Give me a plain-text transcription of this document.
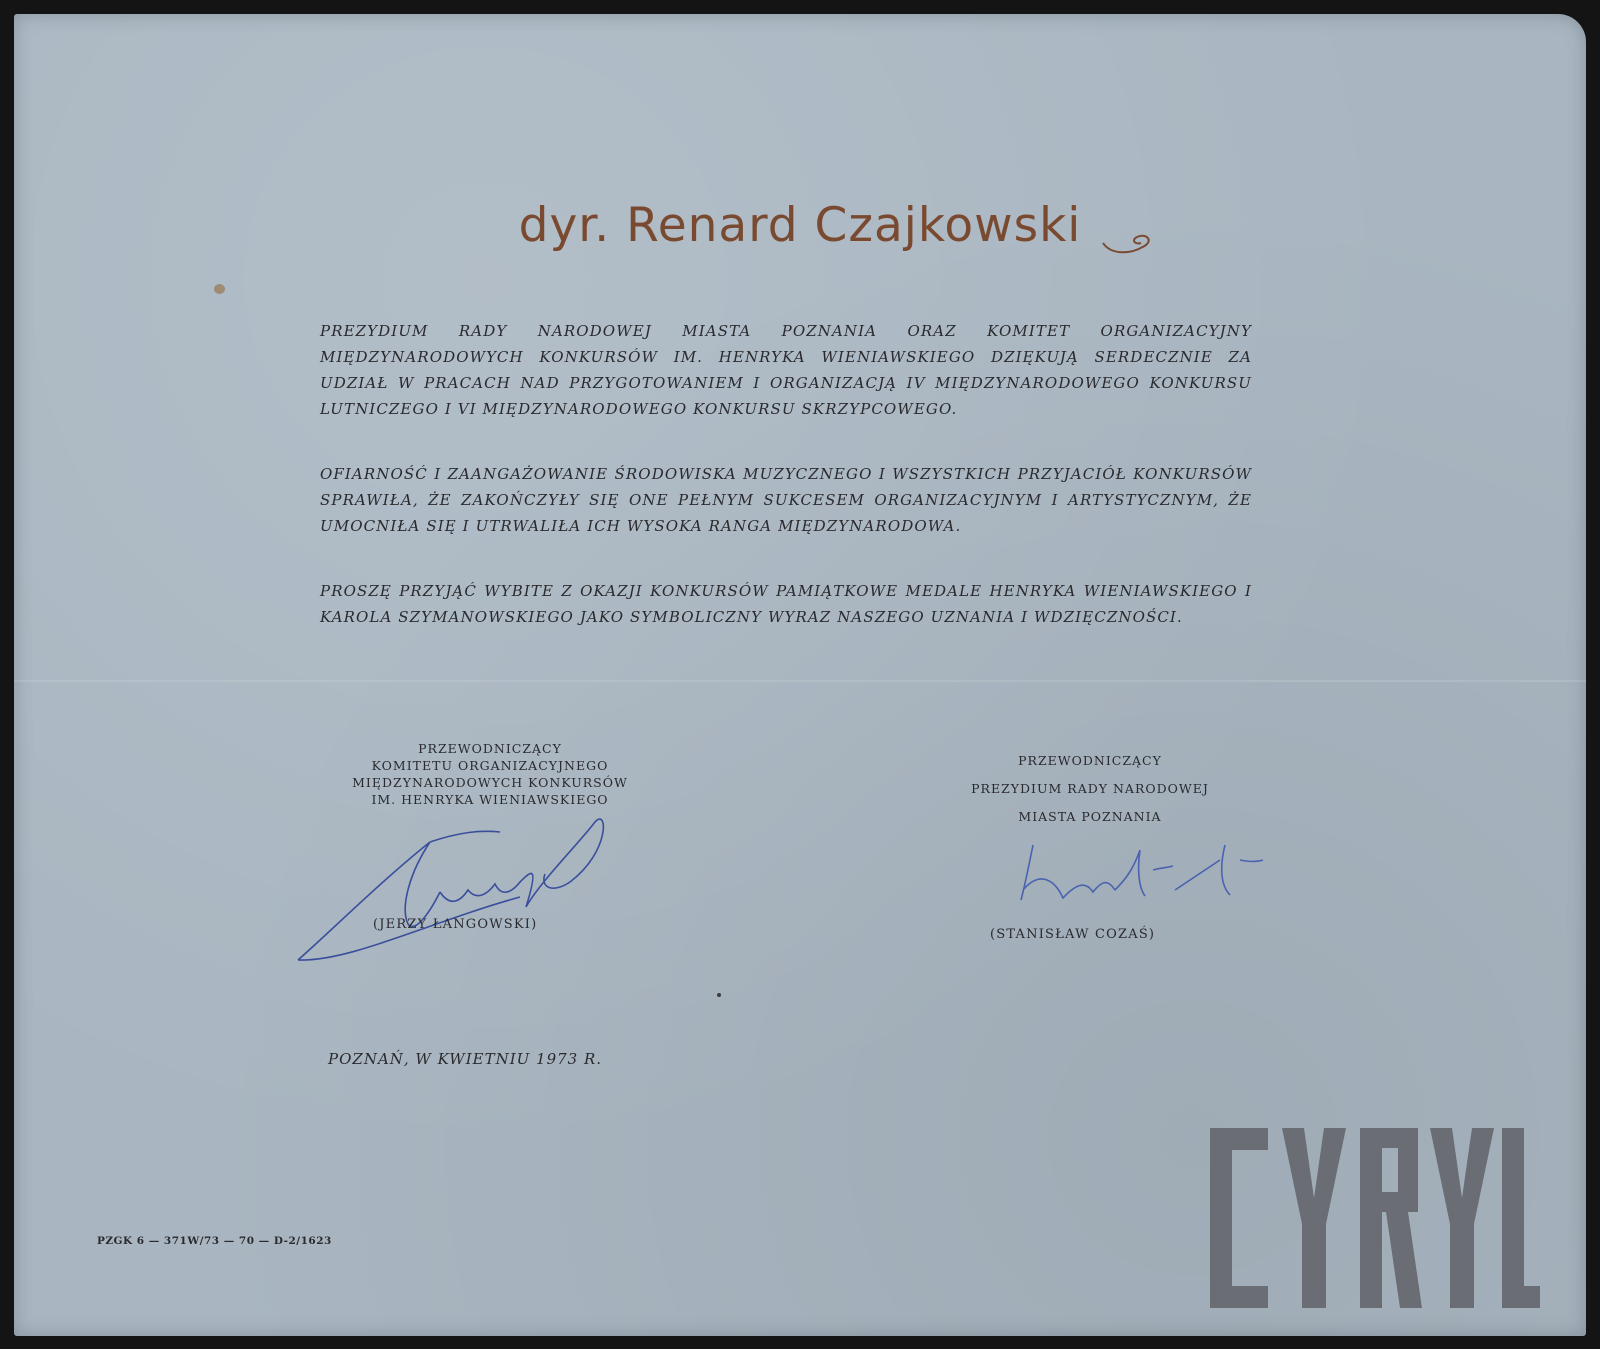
dyr. Renard Czajkowski
PREZYDIUM RADY NARODOWEJ MIASTA POZNANIA ORAZ KOMITET ORGANIZACYJNY MIĘDZYNARODOWYCH KONKURSÓW IM. HENRYKA WIENIAWSKIEGO DZIĘKUJĄ SERDECZNIE ZA UDZIAŁ W PRACACH NAD PRZYGOTOWANIEM I ORGANIZACJĄ IV MIĘDZYNARODOWEGO KONKURSU LUTNICZEGO I VI MIĘDZYNARODOWEGO KONKURSU SKRZYPCOWEGO.
OFIARNOŚĆ I ZAANGAŻOWANIE ŚRODOWISKA MUZYCZNEGO I WSZYSTKICH PRZYJACIÓŁ KONKURSÓW SPRAWIŁA, ŻE ZAKOŃCZYŁY SIĘ ONE PEŁNYM SUKCESEM ORGANIZACYJNYM I ARTYSTYCZNYM, ŻE UMOCNIŁA SIĘ I UTRWALIŁA ICH WYSOKA RANGA MIĘDZYNARODOWA.
PROSZĘ PRZYJĄĆ WYBITE Z OKAZJI KONKURSÓW PAMIĄTKOWE MEDALE HENRYKA WIENIAWSKIEGO I KAROLA SZYMANOWSKIEGO JAKO SYMBOLICZNY WYRAZ NASZEGO UZNANIA I WDZIĘCZNOŚCI.
PRZEWODNICZĄCY
KOMITETU ORGANIZACYJNEGO
MIĘDZYNARODOWYCH KONKURSÓW
IM. HENRYKA WIENIAWSKIEGO
PRZEWODNICZĄCY
PREZYDIUM RADY NARODOWEJ
MIASTA POZNANIA
(JERZY ŁANGOWSKI)
(STANISŁAW COZAŚ)
POZNAŃ, W KWIETNIU 1973 R.
PZGK 6 — 371W/73 — 70 — D-2/1623
